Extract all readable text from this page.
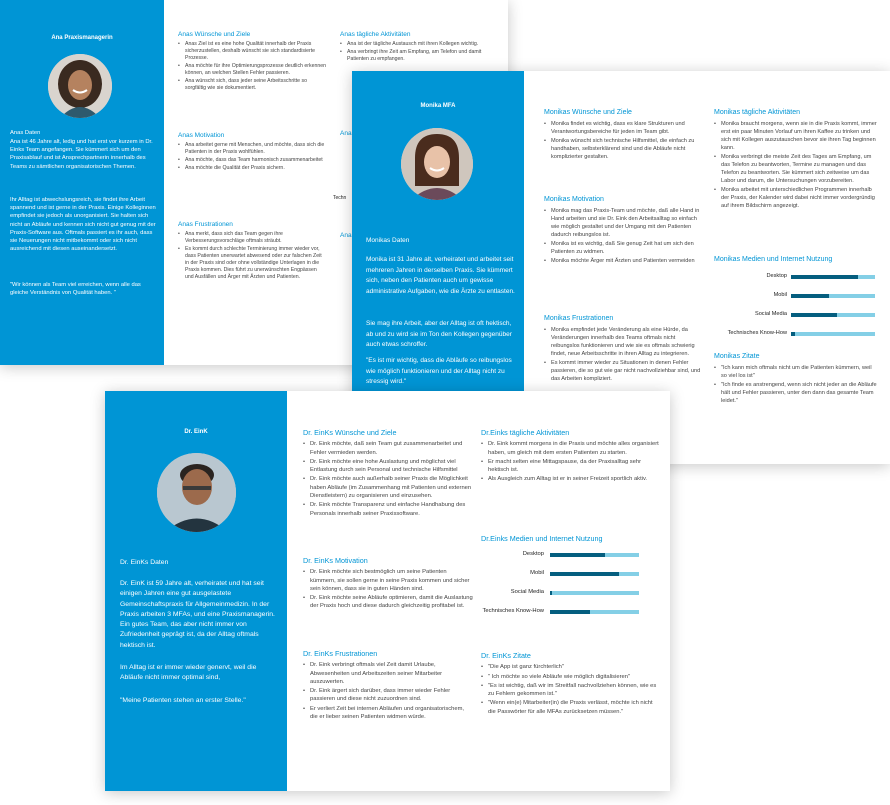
Ana Praxismanagerin
Anas Daten

Ana ist 46 Jahre alt, ledig und hat erst vor kurzem in Dr. Einks Team angefangen. Sie kümmert sich um den Praxisablauf und ist Ansprechpartnerin innerhalb des Teams zu sämtlichen organisatorischen Themen.

Ihr Alltag ist abwechslungsreich, sie findet ihre Arbeit spannend und ist gerne in der Praxis. Einige Kolleginnen empfindet sie jedoch als unorganisiert. Sie halten sich nicht an Abläufe und kennen sich nicht gut genug mit der Praxis-Software aus. Oftmals passiert es ihr auch, dass sie Neuerungen nicht mitbekommt oder sich nicht ausreichend mit diesen auseinandersetzt.

"Wir können als Team viel erreichen, wenn alle das gleiche Verständnis von Qualität haben. "

Anas Wünsche und Ziele
• Anas Ziel ist es eine hohe Qualität innerhalb der Praxis sicherzustellen, deshalb wünscht sie sich standardisierte Prozesse.
• Ana möchte für ihre Optimierungsprozesse deutlich erkennen können, an welchen Stellen Fehler passieren.
• Ana wünscht sich, dass jeder seine Arbeitsschritte so sorgfältig wie sie dokumentiert.
Anas Motivation
• Ana arbeitet gerne mit Menschen, und möchte, dass sich die Patienten in der Praxis wohlfühlen.
• Ana möchte, dass das Team harmonisch zusammenarbeitet
• Ana möchte die Qualität der Praxis sichern.
Anas Frustrationen
• Ana merkt, dass sich das Team gegen ihre Verbesserungsvorschläge oftmals sträubt.
• Es kommt durch schlechte Terminierung immer wieder vor, dass Patienten unerwartet abwesend oder zur falschen Zeit in der Praxis sind oder ohne vollständige Unterlagen in die Praxis kommen. Dies führt zu unerwünschten Engpässen und Ausfällen und Ärger mit Ärzten und Patienten.
Anas tägliche Aktivitäten
• Ana ist der tägliche Austausch mit ihren Kollegen wichtig.
• Ana verbringt ihre Zeit am Empfang, am Telefon und damit Patienten zu empfangen.
Ana
Techn
Ana
Monika MFA
Monikas Daten

Monika ist 31 Jahre alt, verheiratet und arbeitet seit mehreren Jahren in derselben Praxis. Sie kümmert sich, neben den Patienten auch um gewisse administrative Aufgaben, wie die Ärzte zu entlasten.

Sie mag ihre Arbeit, aber der Alltag ist oft hektisch, ab und zu wird sie im Ton den Kollegen gegenüber auch etwas schroffer.

"Es ist mir wichtig, dass die Abläufe so reibungslos wie möglich funktionieren und der Alltag nicht zu stressig wird."

Monikas Wünsche und Ziele
• Monika findet es wichtig, dass es klare Strukturen und Verantwortungsbereiche für jeden im Team gibt.
• Monika wünscht sich technische Hilfsmittel, die einfach zu handhaben, selbsterklärend sind und die Abläufe nicht komplizierter gestalten.
Monikas Motivation
• Monika mag das Praxis-Team und möchte, daß alle Hand in Hand arbeiten und sie Dr. Eink den Arbeitsalltag so einfach wie möglich gestaltet und der Umgang mit den Patienten dadurch reibungslos ist.
• Monika ist es wichtig, daß Sie genug Zeit hat um sich den Patienten zu widmen.
• Monika möchte Ärger mit Ärzten und Patienten vermeiden
Monikas Frustrationen
• Monika empfindet jede Veränderung als eine Hürde, da Veränderungen innerhalb des Teams oftmals nicht reibungslos funktionieren und wie sie es oftmals schwierig findet, neue Arbeitsschritte in ihren Alltag zu integrieren.
• Es kommt immer wieder zu Situationen in denen Fehler passieren, die so gut wie gar nicht nachvollziehbar sind, und das Arbeiten kompliziert.
Monikas tägliche Aktivitäten
• Monika braucht morgens, wenn sie in die Praxis kommt, immer erst ein paar Minuten Vorlauf um ihren Kaffee zu trinken und sich mit Kollegen auszutauschen bevor sie ihren Tag beginnen kann.
• Monika verbringt die meiste Zeit des Tages am Empfang, um das Telefon zu beantworten, Termine zu managen und das Telefon zu beantworten. Sie kümmert sich zeitweise um das Labor und darum, die Untersuchungen vorzubereiten.
• Monika arbeitet mit unterschiedlichen Programmen innerhalb der Praxis, der Kalender wird dabei nicht immer vordergründig auf ihrem Bildschirm angezeigt.
Monikas Medien und Internet Nutzung
Desktop
Mobil
Social Media
Technisches Know-How
Monikas Zitate
• "Ich kann mich oftmals nicht um die Patienten kümmern, weil so viel los ist"
• "Ich finde es anstrengend, wenn sich nicht jeder an die Abläufe hält und Fehler passieren, unter den dann das gesamte Team leidet."
Dr. EinK
Dr. EinKs Daten

Dr. EinK ist 59 Jahre alt, verheiratet und hat seit einigen Jahren eine gut ausgelastete Gemeinschaftspraxis für Allgemeinmedizin. In der Praxis arbeiten 3 MFAs, und eine Praxismanagerin. Ein gutes Team, das aber nicht immer von Zufriedenheit geprägt ist, da der Alltag oftmals hektisch ist.

Im Alltag ist er immer wieder genervt, weil die Abläufe nicht immer optimal sind,

"Meine Patienten stehen an erster Stelle."

Dr. EinKs Wünsche und Ziele
• Dr. Eink möchte, daß sein Team gut zusammenarbeitet und Fehler vermieden werden.
• Dr. Eink möchte eine hohe Auslastung und möglichst viel Entlastung durch sein Personal und technische Hilfsmittel
• Dr. Eink möchte auch außerhalb seiner Praxis die Möglichkeit haben Abläufe (im Zusammenhang mit Patienten und externen Dienstleistern) zu organisieren und einzusehen.
• Dr. Eink möchte Transparenz und einfache Handhabung des Personals innerhalb seiner Praxissoftware.
Dr. EinKs Motivation
• Dr. Eink möchte sich bestmöglich um seine Patienten kümmern, sie sollen gerne in seine Praxis kommen und sicher sein können, dass sie in guten Händen sind.
• Dr. Eink möchte seine Abläufe optimieren, damit die Auslastung der Praxis hoch und diese dadurch gleichzeitig profitabel ist.
Dr. EinKs Frustrationen
• Dr. Eink verbringt oftmals viel Zeit damit Urlaube, Abwesenheiten und Arbeitszeiten seiner Mitarbeiter auszuwerten.
• Dr. Eink ärgert sich darüber, dass immer wieder Fehler passieren und diese nicht zuzuordnen sind.
• Er verliert Zeit bei internen Abläufen und organisatorischem, die er lieber seinen Patienten widmen würde.
Dr.Einks tägliche Aktivitäten
• Dr. Eink kommt morgens in die Praxis und möchte alles organisiert haben, um gleich mit dem ersten Patienten zu starten.
• Er macht selten eine Mittagspause, da der Praxisalltag sehr hektisch ist.
• Als Ausgleich zum Alltag ist er in seiner Freizeit sportlich aktiv.
Dr.Einks Medien und Internet Nutzung
Desktop
Mobil
Social Media
Technisches Know-How
Dr. EinKs Zitate
• "Die App ist ganz fürchterlich"
• " Ich möchte so viele Abläufe wie möglich digitalisieren"
• "Es ist wichtig, daß wir im Streitfall nachvollziehen können, wie es zu Fehlern gekommen ist."
• "Wenn ein(e) Mitarbeiter(in) die Praxis verlässt, möchte ich nicht die Passwörter für alle MFAs zurücksetzen müssen."
